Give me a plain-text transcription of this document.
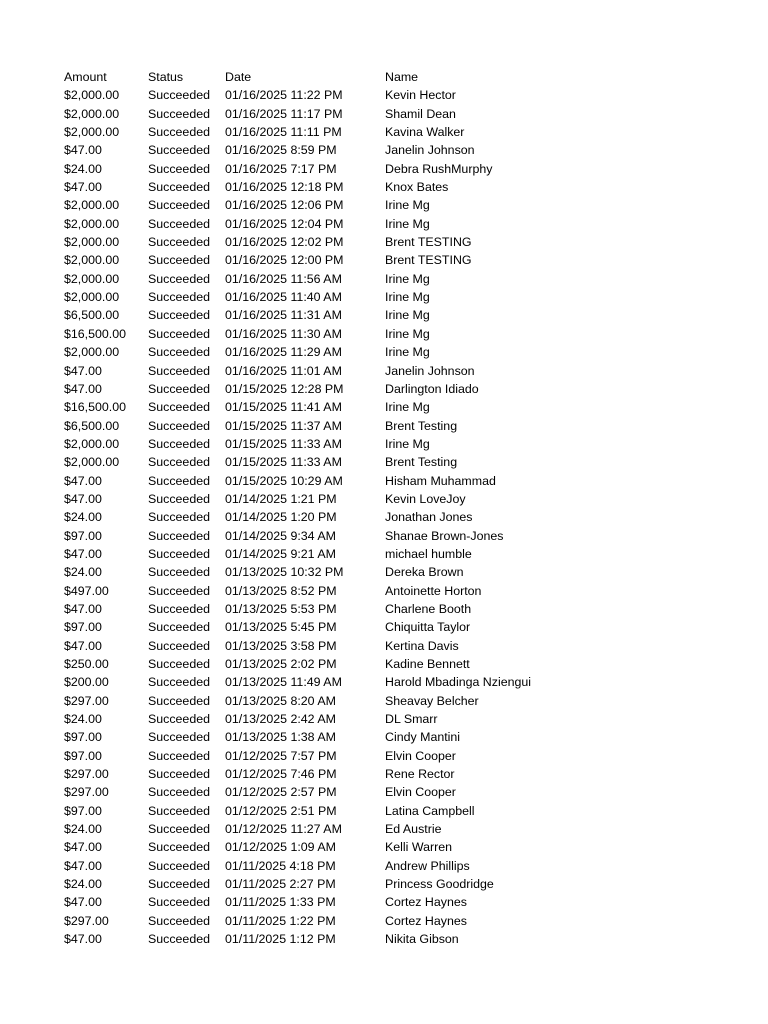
Amount	Status	Date	Name
$2,000.00	Succeeded	01/16/2025 11:22 PM	Kevin Hector
$2,000.00	Succeeded	01/16/2025 11:17 PM	Shamil Dean
$2,000.00	Succeeded	01/16/2025 11:11 PM	Kavina Walker
$47.00	Succeeded	01/16/2025 8:59 PM	Janelin Johnson
$24.00	Succeeded	01/16/2025 7:17 PM	Debra RushMurphy
$47.00	Succeeded	01/16/2025 12:18 PM	Knox Bates
$2,000.00	Succeeded	01/16/2025 12:06 PM	Irine Mg
$2,000.00	Succeeded	01/16/2025 12:04 PM	Irine Mg
$2,000.00	Succeeded	01/16/2025 12:02 PM	Brent TESTING
$2,000.00	Succeeded	01/16/2025 12:00 PM	Brent TESTING
$2,000.00	Succeeded	01/16/2025 11:56 AM	Irine Mg
$2,000.00	Succeeded	01/16/2025 11:40 AM	Irine Mg
$6,500.00	Succeeded	01/16/2025 11:31 AM	Irine Mg
$16,500.00	Succeeded	01/16/2025 11:30 AM	Irine Mg
$2,000.00	Succeeded	01/16/2025 11:29 AM	Irine Mg
$47.00	Succeeded	01/16/2025 11:01 AM	Janelin Johnson
$47.00	Succeeded	01/15/2025 12:28 PM	Darlington Idiado
$16,500.00	Succeeded	01/15/2025 11:41 AM	Irine Mg
$6,500.00	Succeeded	01/15/2025 11:37 AM	Brent Testing
$2,000.00	Succeeded	01/15/2025 11:33 AM	Irine Mg
$2,000.00	Succeeded	01/15/2025 11:33 AM	Brent Testing
$47.00	Succeeded	01/15/2025 10:29 AM	Hisham Muhammad
$47.00	Succeeded	01/14/2025 1:21 PM	Kevin LoveJoy
$24.00	Succeeded	01/14/2025 1:20 PM	Jonathan Jones
$97.00	Succeeded	01/14/2025 9:34 AM	Shanae Brown-Jones
$47.00	Succeeded	01/14/2025 9:21 AM	michael humble
$24.00	Succeeded	01/13/2025 10:32 PM	Dereka Brown
$497.00	Succeeded	01/13/2025 8:52 PM	Antoinette Horton
$47.00	Succeeded	01/13/2025 5:53 PM	Charlene Booth
$97.00	Succeeded	01/13/2025 5:45 PM	Chiquitta Taylor
$47.00	Succeeded	01/13/2025 3:58 PM	Kertina Davis
$250.00	Succeeded	01/13/2025 2:02 PM	Kadine Bennett
$200.00	Succeeded	01/13/2025 11:49 AM	Harold Mbadinga Nziengui
$297.00	Succeeded	01/13/2025 8:20 AM	Sheavay Belcher
$24.00	Succeeded	01/13/2025 2:42 AM	DL Smarr
$97.00	Succeeded	01/13/2025 1:38 AM	Cindy Mantini
$97.00	Succeeded	01/12/2025 7:57 PM	Elvin Cooper
$297.00	Succeeded	01/12/2025 7:46 PM	Rene Rector
$297.00	Succeeded	01/12/2025 2:57 PM	Elvin Cooper
$97.00	Succeeded	01/12/2025 2:51 PM	Latina Campbell
$24.00	Succeeded	01/12/2025 11:27 AM	Ed Austrie
$47.00	Succeeded	01/12/2025 1:09 AM	Kelli Warren
$47.00	Succeeded	01/11/2025 4:18 PM	Andrew Phillips
$24.00	Succeeded	01/11/2025 2:27 PM	Princess Goodridge
$47.00	Succeeded	01/11/2025 1:33 PM	Cortez Haynes
$297.00	Succeeded	01/11/2025 1:22 PM	Cortez Haynes
$47.00	Succeeded	01/11/2025 1:12 PM	Nikita Gibson
